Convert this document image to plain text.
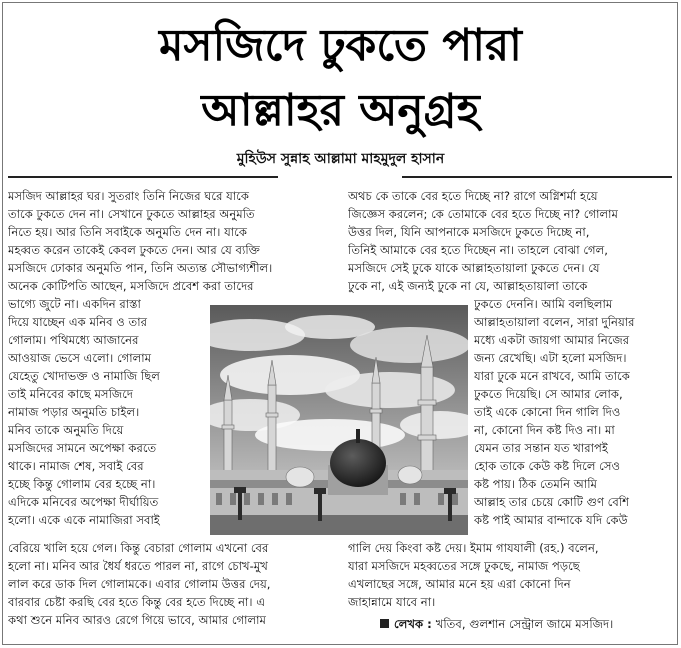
মসজিদে ঢুকতে পারা
আল্লাহর অনুগ্রহ
মুহিউস সুন্নাহ আল্লামা মাহমুদুল হাসান
মসজিদ আল্লাহর ঘর। সুতরাং তিনি নিজের ঘরে যাকে
তাকে ঢুকতে দেন না। সেখানে ঢুকতে আল্লাহর অনুমতি
নিতে হয়। আর তিনি সবাইকে অনুমতি দেন না। যাকে
মহব্বত করেন তাকেই কেবল ঢুকতে দেন। আর যে ব্যক্তি
মসজিদে ঢোকার অনুমতি পান, তিনি অত্যন্ত সৌভাগ্যশীল।
অনেক কোটিপতি আছেন, মসজিদে প্রবেশ করা তাদের
ভাগ্যে জুটে না। একদিন রাস্তা
দিয়ে যাচ্ছেন এক মনিব ও তার
গোলাম। পথিমধ্যে আজানের
আওয়াজ ভেসে এলো। গোলাম
যেহেতু খোদাভক্ত ও নামাজি ছিল
তাই মনিবের কাছে মসজিদে
নামাজ পড়ার অনুমতি চাইল।
মনিব তাকে অনুমতি দিয়ে
মসজিদের সামনে অপেক্ষা করতে
থাকে। নামাজ শেষ, সবাই বের
হচ্ছে কিন্তু গোলাম বের হচ্ছে না।
এদিকে মনিবের অপেক্ষা দীর্ঘায়িত
হলো। একে একে নামাজিরা সবাই
বেরিয়ে খালি হয়ে গেল। কিন্তু বেচারা গোলাম এখনো বের
হলো না। মনিব আর ধৈর্য ধরতে পারল না, রাগে চোখ-মুখ
লাল করে ডাক দিল গোলামকে। এবার গোলাম উত্তর দেয়,
বারবার চেষ্টা করছি বের হতে কিন্তু বের হতে দিচ্ছে না। এ
কথা শুনে মনিব আরও রেগে গিয়ে ভাবে, আমার গোলাম
অথচ কে তাকে বের হতে দিচ্ছে না? রাগে অগ্নিশর্মা হয়ে
জিজ্ঞেস করলেন; কে তোমাকে বের হতে দিচ্ছে না? গোলাম
উত্তর দিল, যিনি আপনাকে মসজিদে ঢুকতে দিচ্ছে না,
তিনিই আমাকে বের হতে দিচ্ছেন না। তাহলে বোঝা গেল,
মসজিদে সেই ঢুকে যাকে আল্লাহতায়ালা ঢুকতে দেন। যে
ঢুকে না, এই জন্যই ঢুকে না যে, আল্লাহতায়ালা তাকে
ঢুকতে দেননি। আমি বলছিলাম
আল্লাহতায়ালা বলেন, সারা দুনিয়ার
মধ্যে একটা জায়গা আমার নিজের
জন্য রেখেছি। এটা হলো মসজিদ।
যারা ঢুকে মনে রাখবে, আমি তাকে
ঢুকতে দিয়েছি। সে আমার লোক,
তাই একে কোনো দিন গালি দিও
না, কোনো দিন কষ্ট দিও না। মা
যেমন তার সন্তান যত খারাপই
হোক তাকে কেউ কষ্ট দিলে সেও
কষ্ট পায়। ঠিক তেমনি আমি
আল্লাহ তার চেয়ে কোটি গুণ বেশি
কষ্ট পাই আমার বান্দাকে যদি কেউ
গালি দেয় কিংবা কষ্ট দেয়। ইমাম গাযযালী (রহ.) বলেন,
যারা মসজিদে মহব্বতের সঙ্গে ঢুকছে, নামাজ পড়ছে
এখলাছের সঙ্গে, আমার মনে হয় এরা কোনো দিন
জাহান্নামে যাবে না।
লেখক : খতিব, গুলশান সেন্ট্রাল জামে মসজিদ।
